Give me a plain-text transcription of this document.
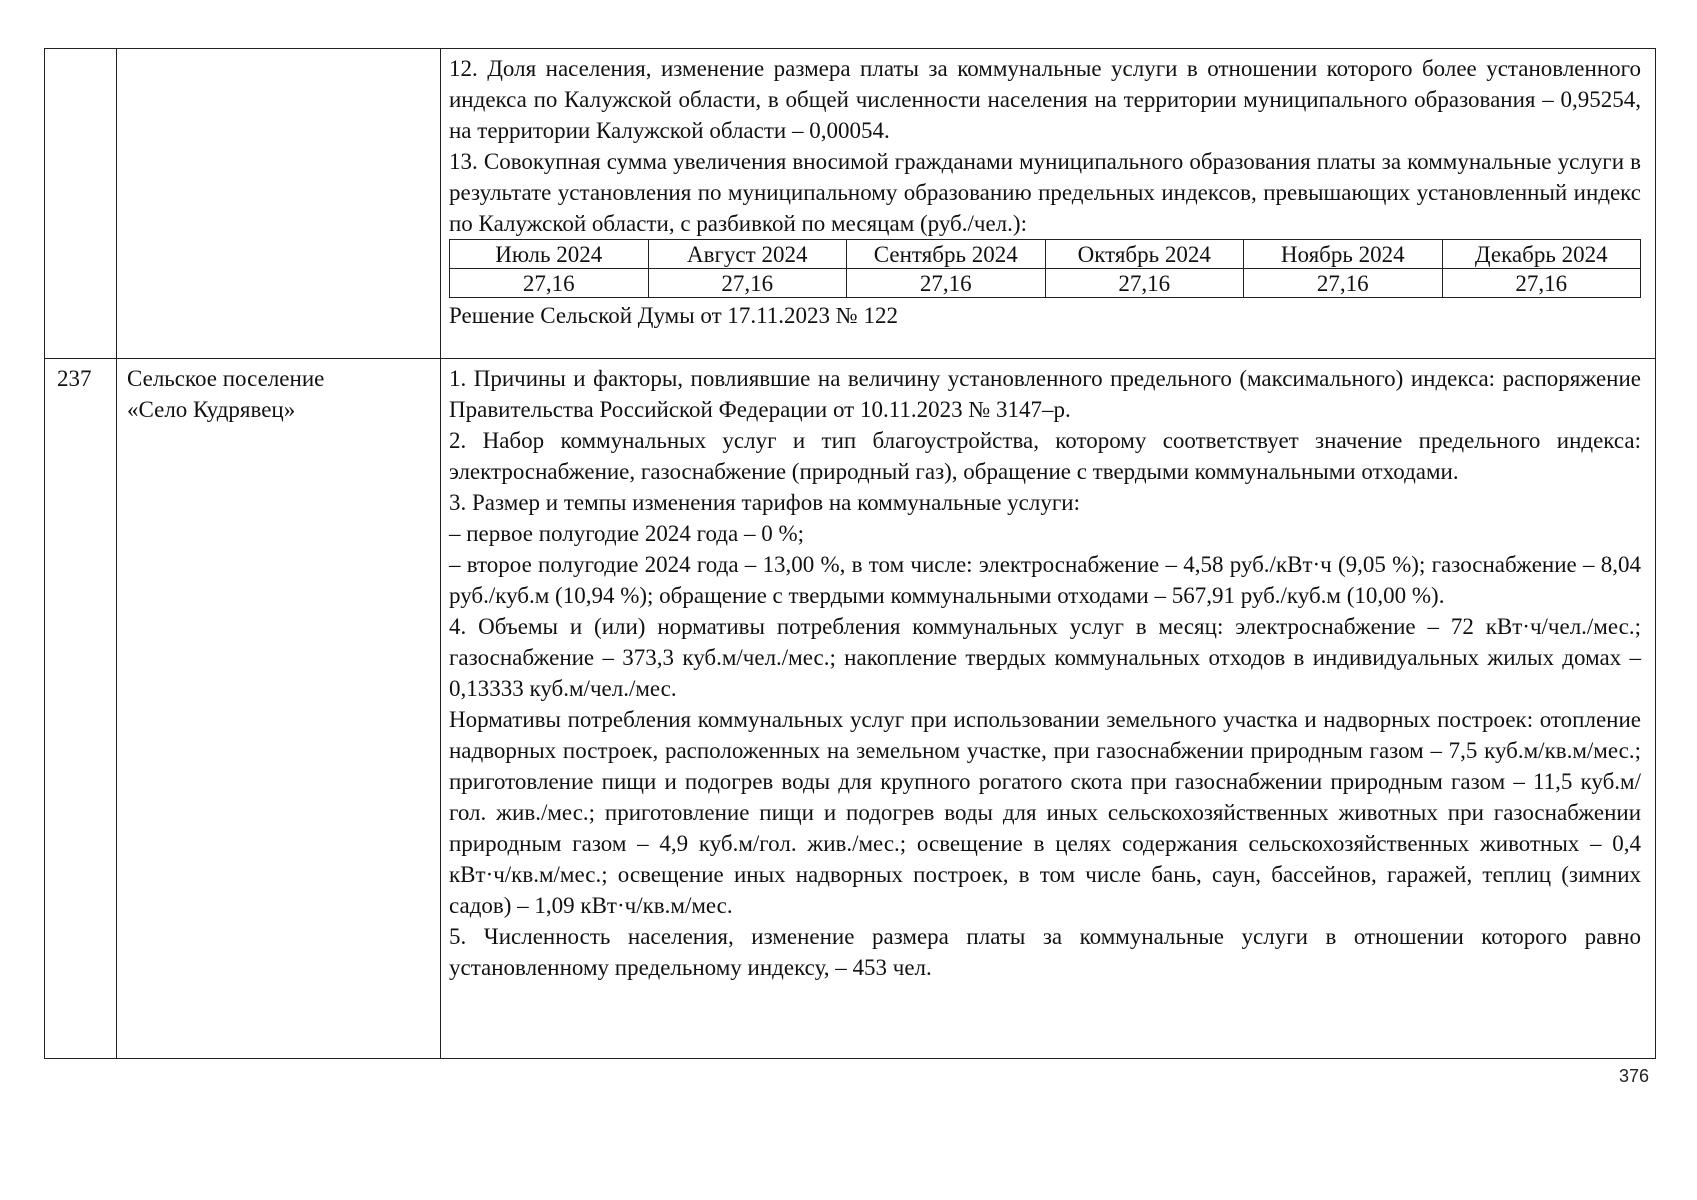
12. Доля населения, изменение размера платы за коммунальные услуги в отношении которого более установленного индекса по Калужской области, в общей численности населения на территории муниципального образования – 0,95254, на территории Калужской области – 0,00054.

13. Совокупная сумма увеличения вносимой гражданами муниципального образования платы за коммунальные услуги в результате установления по муниципальному образованию предельных индексов, превышающих установленный индекс по Калужской области, с разбивкой по месяцам (руб./чел.):

Июль 2024	Август 2024	Сентябрь 2024	Октябрь 2024	Ноябрь 2024	Декабрь 2024
27,16	27,16	27,16	27,16	27,16	27,16

Решение Сельской Думы от 17.11.2023 № 122

237	Сельское поселение
«Село Кудрявец»

1. Причины и факторы, повлиявшие на величину установленного предельного (максимального) индекса: распоряжение Правительства Российской Федерации от 10.11.2023 № 3147–р.

2. Набор коммунальных услуг и тип благоустройства, которому соответствует значение предельного индекса: электроснабжение, газоснабжение (природный газ), обращение с твердыми коммунальными отходами.

3. Размер и темпы изменения тарифов на коммунальные услуги:

– первое полугодие 2024 года – 0 %;

– второе полугодие 2024 года – 13,00 %, в том числе: электроснабжение – 4,58 руб./кВт·ч (9,05 %); газоснабжение – 8,04 руб./куб.м (10,94 %); обращение с твердыми коммунальными отходами – 567,91 руб./куб.м (10,00 %).

4. Объемы и (или) нормативы потребления коммунальных услуг в месяц: электроснабжение – 72 кВт·ч/чел./мес.; газоснабжение – 373,3 куб.м/чел./мес.; накопление твердых коммунальных отходов в индивидуальных жилых домах – 0,13333 куб.м/чел./мес.

Нормативы потребления коммунальных услуг при использовании земельного участка и надворных построек: отопление надворных построек, расположенных на земельном участке, при газоснабжении природным газом – 7,5 куб.м/кв.м/мес.; приготовление пищи и подогрев воды для крупного рогатого скота при газоснабжении природным газом – 11,5 куб.м/гол. жив./мес.; приготовление пищи и подогрев воды для иных сельскохозяйственных животных при газоснабжении природным газом – 4,9 куб.м/гол. жив./мес.; освещение в целях содержания сельскохозяйственных животных – 0,4 кВт·ч/кв.м/мес.; освещение иных надворных построек, в том числе бань, саун, бассейнов, гаражей, теплиц (зимних садов) – 1,09 кВт·ч/кв.м/мес.

5. Численность населения, изменение размера платы за коммунальные услуги в отношении которого равно установленному предельному индексу, – 453 чел.

376
